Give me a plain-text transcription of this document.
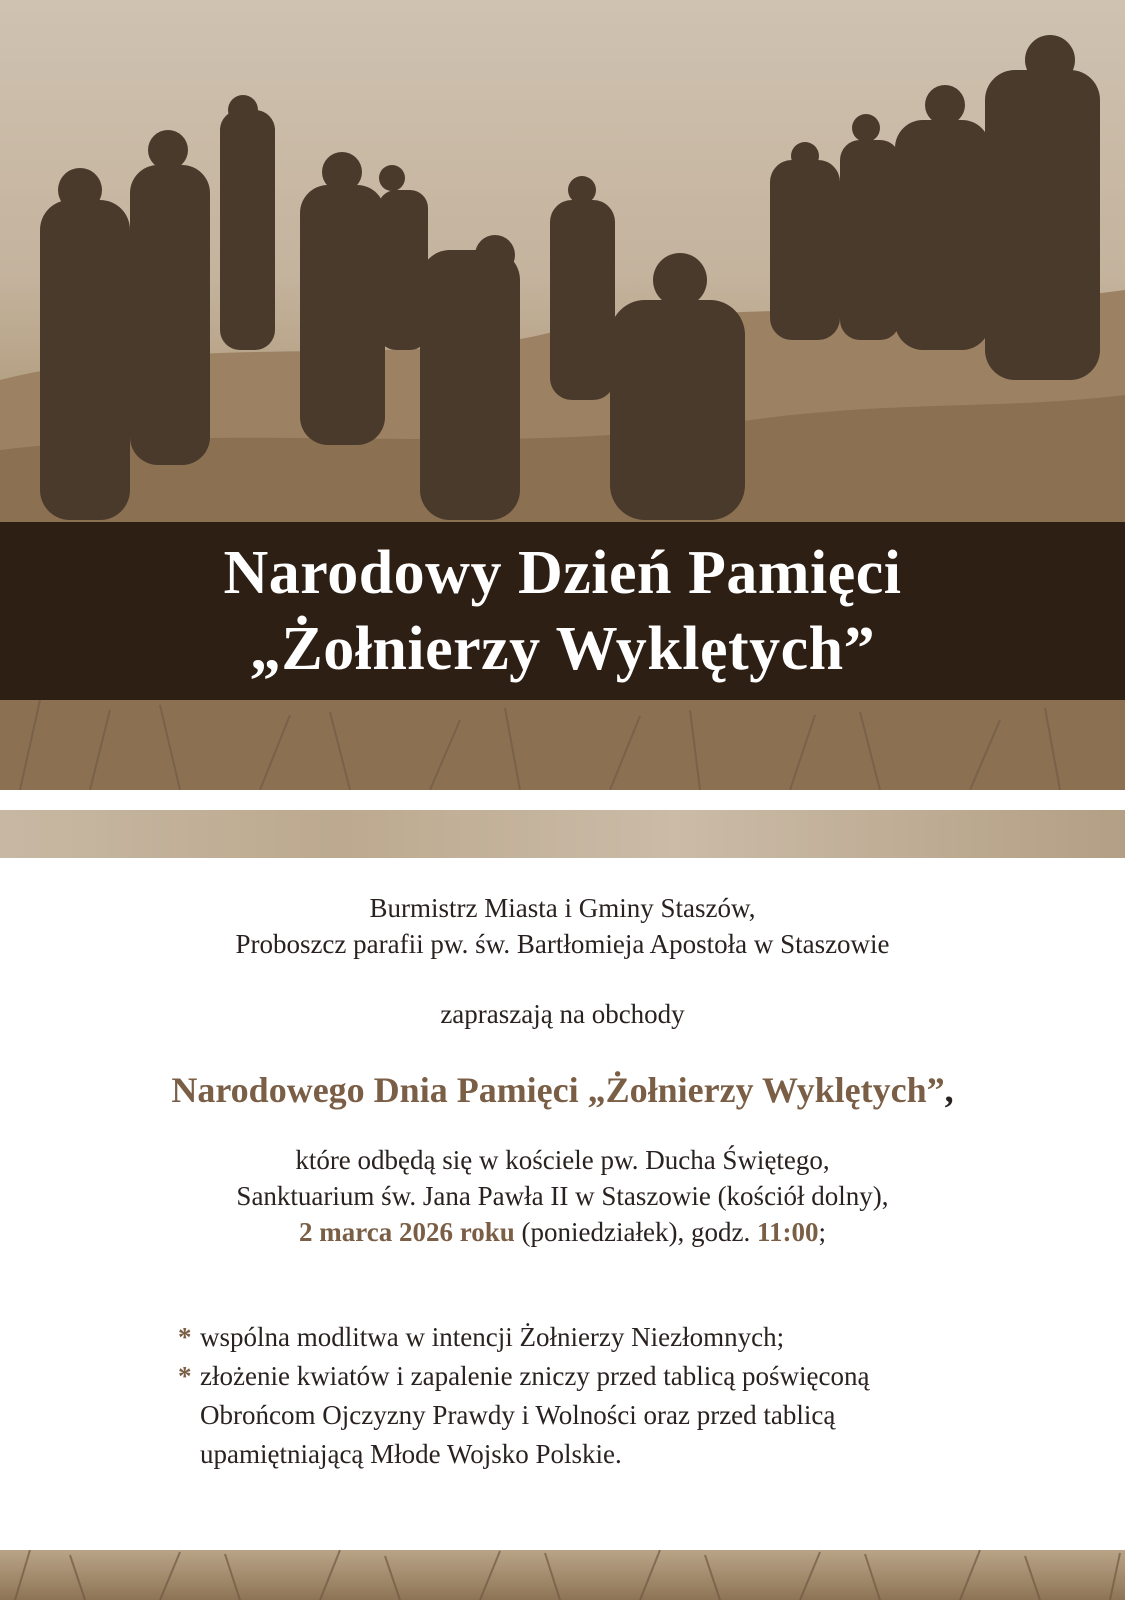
Narodowy Dzień Pamięci
„Żołnierzy Wyklętych”
Burmistrz Miasta i Gminy Staszów,
Proboszcz parafii pw. św. Bartłomieja Apostoła w Staszowie
zapraszają na obchody
Narodowego Dnia Pamięci „Żołnierzy Wyklętych”,
które odbędą się w kościele pw. Ducha Świętego,
Sanktuarium św. Jana Pawła II w Staszowie (kościół dolny),
2 marca 2026 roku (poniedziałek), godz. 11:00;
* wspólna modlitwa w intencji Żołnierzy Niezłomnych;
* złożenie kwiatów i zapalenie zniczy przed tablicą poświęconą
Obrońcom Ojczyzny Prawdy i Wolności oraz przed tablicą
upamiętniającą Młode Wojsko Polskie.
